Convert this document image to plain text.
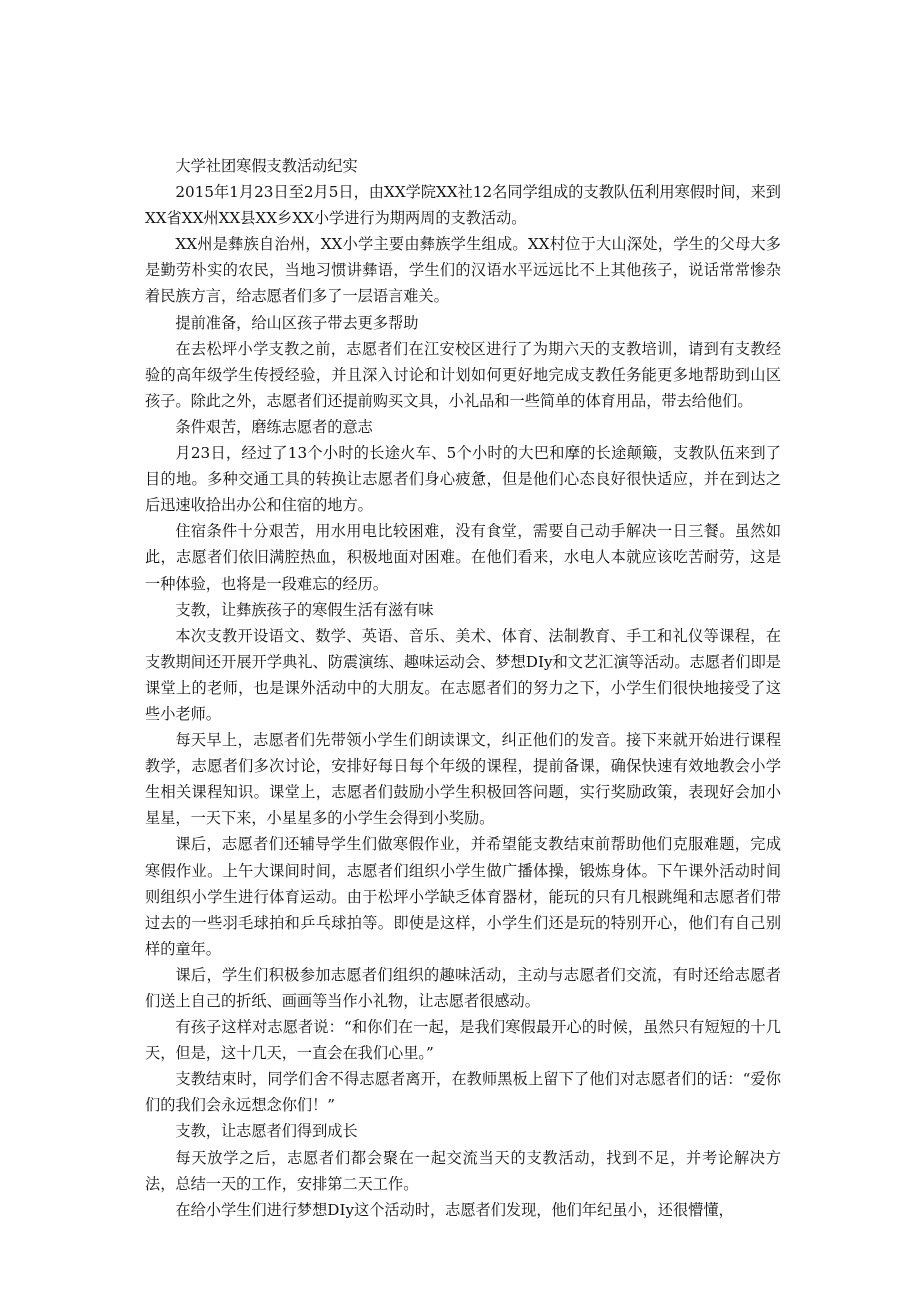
大学社团寒假支教活动纪实

2015年1月23日至2月5日，由XX学院XX社12名同学组成的支教队伍利用寒假时间，来到XX省XX州XX县XX乡XX小学进行为期两周的支教活动。

XX州是彝族自治州，XX小学主要由彝族学生组成。XX村位于大山深处，学生的父母大多是勤劳朴实的农民，当地习惯讲彝语，学生们的汉语水平远远比不上其他孩子，说话常常惨杂着民族方言，给志愿者们多了一层语言难关。

提前准备，给山区孩子带去更多帮助

在去松坪小学支教之前，志愿者们在江安校区进行了为期六天的支教培训，请到有支教经验的高年级学生传授经验，并且深入讨论和计划如何更好地完成支教任务能更多地帮助到山区孩子。除此之外，志愿者们还提前购买文具，小礼品和一些简单的体育用品，带去给他们。

条件艰苦，磨练志愿者的意志

月23日，经过了13个小时的长途火车、5个小时的大巴和摩的长途颠簸，支教队伍来到了目的地。多种交通工具的转换让志愿者们身心疲惫，但是他们心态良好很快适应，并在到达之后迅速收拾出办公和住宿的地方。

住宿条件十分艰苦，用水用电比较困难，没有食堂，需要自己动手解决一日三餐。虽然如此，志愿者们依旧满腔热血，积极地面对困难。在他们看来，水电人本就应该吃苦耐劳，这是一种体验，也将是一段难忘的经历。

支教，让彝族孩子的寒假生活有滋有味

本次支教开设语文、数学、英语、音乐、美术、体育、法制教育、手工和礼仪等课程，在支教期间还开展开学典礼、防震演练、趣味运动会、梦想DIy和文艺汇演等活动。志愿者们即是课堂上的老师，也是课外活动中的大朋友。在志愿者们的努力之下，小学生们很快地接受了这些小老师。

每天早上，志愿者们先带领小学生们朗读课文，纠正他们的发音。接下来就开始进行课程教学，志愿者们多次讨论，安排好每日每个年级的课程，提前备课，确保快速有效地教会小学生相关课程知识。课堂上，志愿者们鼓励小学生积极回答问题，实行奖励政策，表现好会加小星星，一天下来，小星星多的小学生会得到小奖励。

课后，志愿者们还辅导学生们做寒假作业，并希望能支教结束前帮助他们克服难题，完成寒假作业。上午大课间时间，志愿者们组织小学生做广播体操，锻炼身体。下午课外活动时间则组织小学生进行体育运动。由于松坪小学缺乏体育器材，能玩的只有几根跳绳和志愿者们带过去的一些羽毛球拍和乒乓球拍等。即使是这样，小学生们还是玩的特别开心，他们有自己别样的童年。

课后，学生们积极参加志愿者们组织的趣味活动，主动与志愿者们交流，有时还给志愿者们送上自己的折纸、画画等当作小礼物，让志愿者很感动。

有孩子这样对志愿者说：“和你们在一起，是我们寒假最开心的时候，虽然只有短短的十几天，但是，这十几天，一直会在我们心里。”

支教结束时，同学们舍不得志愿者离开，在教师黑板上留下了他们对志愿者们的话：“爱你们的我们会永远想念你们！”

支教，让志愿者们得到成长

每天放学之后，志愿者们都会聚在一起交流当天的支教活动，找到不足，并考论解决方法，总结一天的工作，安排第二天工作。

在给小学生们进行梦想DIy这个活动时，志愿者们发现，他们年纪虽小，还很懵懂，
